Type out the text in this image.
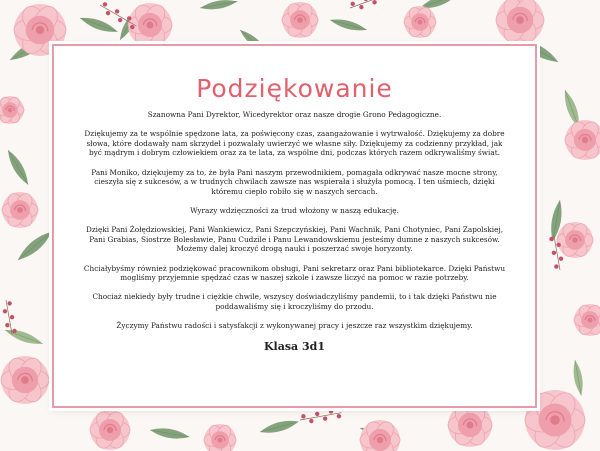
Podziękowanie

Szanowna Pani Dyrektor, Wicedyrektor oraz nasze drogie Grono Pedagogiczne.

Dziękujemy za te wspólnie spędzone lata, za poświęcony czas, zaangażowanie i wytrwałość. Dziękujemy za dobre słowa, które dodawały nam skrzydeł i pozwalały uwierzyć we własne siły. Dziękujemy za codzienny przykład, jak być mądrym i dobrym człowiekiem oraz za te lata, za wspólne dni, podczas których razem odkrywaliśmy świat.

Pani Moniko, dziękujemy za to, że była Pani naszym przewodnikiem, pomagała odkrywać nasze mocne strony, cieszyła się z sukcesów, a w trudnych chwilach zawsze nas wspierała i służyła pomocą. I ten uśmiech, dzięki któremu ciepło robiło się w naszych sercach.

Wyrazy wdzięczności za trud włożony w naszą edukację.

Dzięki Pani Żołędziowskiej, Pani Wankiewicz, Pani Szepczyńskiej, Pani Wachnik, Pani Chotyniec, Pani Zapolskiej, Pani Grabias, Siostrze Bolesławie, Panu Cudzile i Panu Lewandowskiemu jesteśmy dumne z naszych sukcesów. Możemy dalej kroczyć drogą nauki i poszerzać swoje horyzonty.

Chciałybyśmy również podziękować pracownikom obsługi, Pani sekretarz oraz Pani bibliotekarce. Dzięki Państwu mogliśmy przyjemnie spędzać czas w naszej szkole i zawsze liczyć na pomoc w razie potrzeby.

Chociaż niekiedy były trudne i ciężkie chwile, wszyscy doświadczyliśmy pandemii, to i tak dzięki Państwu nie poddawaliśmy się i kroczyliśmy do przodu.

Życzymy Państwu radości i satysfakcji z wykonywanej pracy i jeszcze raz wszystkim dziękujemy.

Klasa 3d1
